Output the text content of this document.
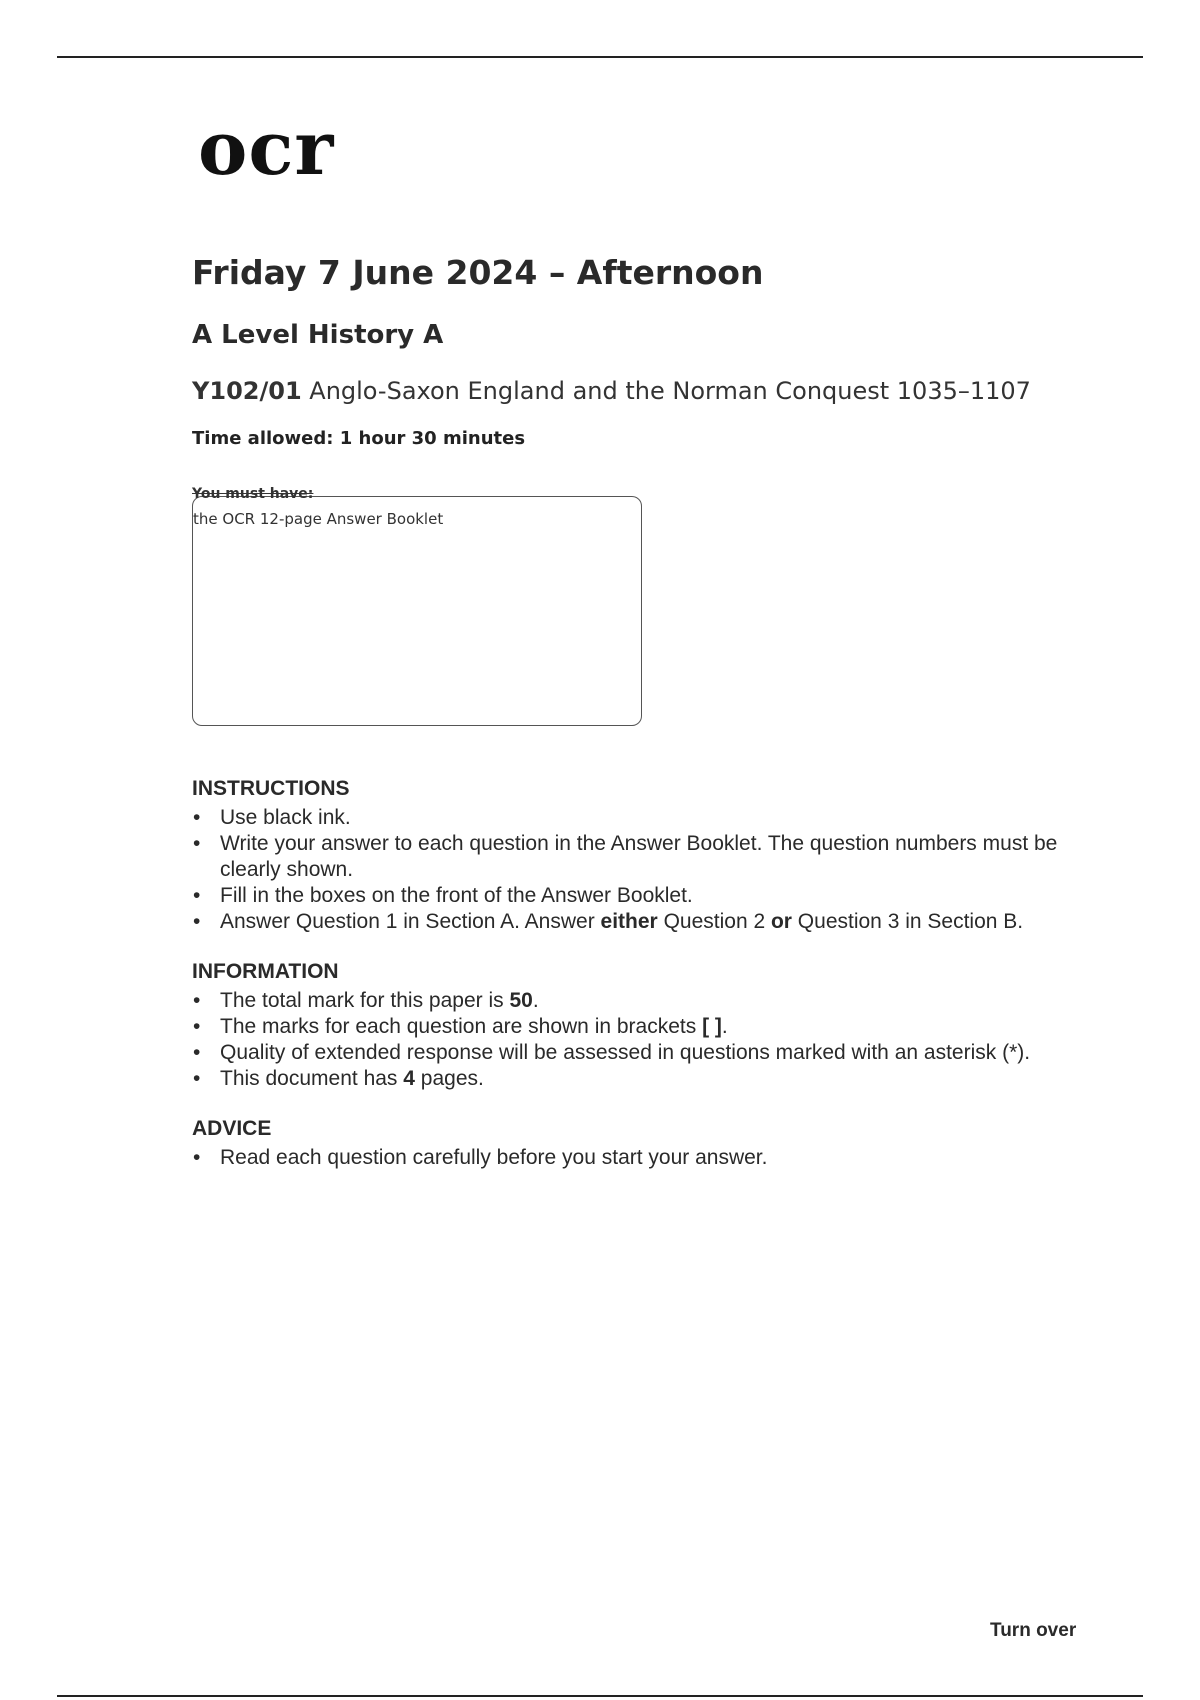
ocr
Friday 7 June 2024 – Afternoon
A Level History A
Y102/01 Anglo-Saxon England and the Norman Conquest 1035–1107
Time allowed: 1 hour 30 minutes
You must have:
the OCR 12-page Answer Booklet
INSTRUCTIONS
• Use black ink.
• Write your answer to each question in the Answer Booklet. The question numbers must be clearly shown.
• Fill in the boxes on the front of the Answer Booklet.
• Answer Question 1 in Section A. Answer either Question 2 or Question 3 in Section B.
INFORMATION
• The total mark for this paper is 50.
• The marks for each question are shown in brackets [ ].
• Quality of extended response will be assessed in questions marked with an asterisk (*).
• This document has 4 pages.
ADVICE
• Read each question carefully before you start your answer.
Turn over
